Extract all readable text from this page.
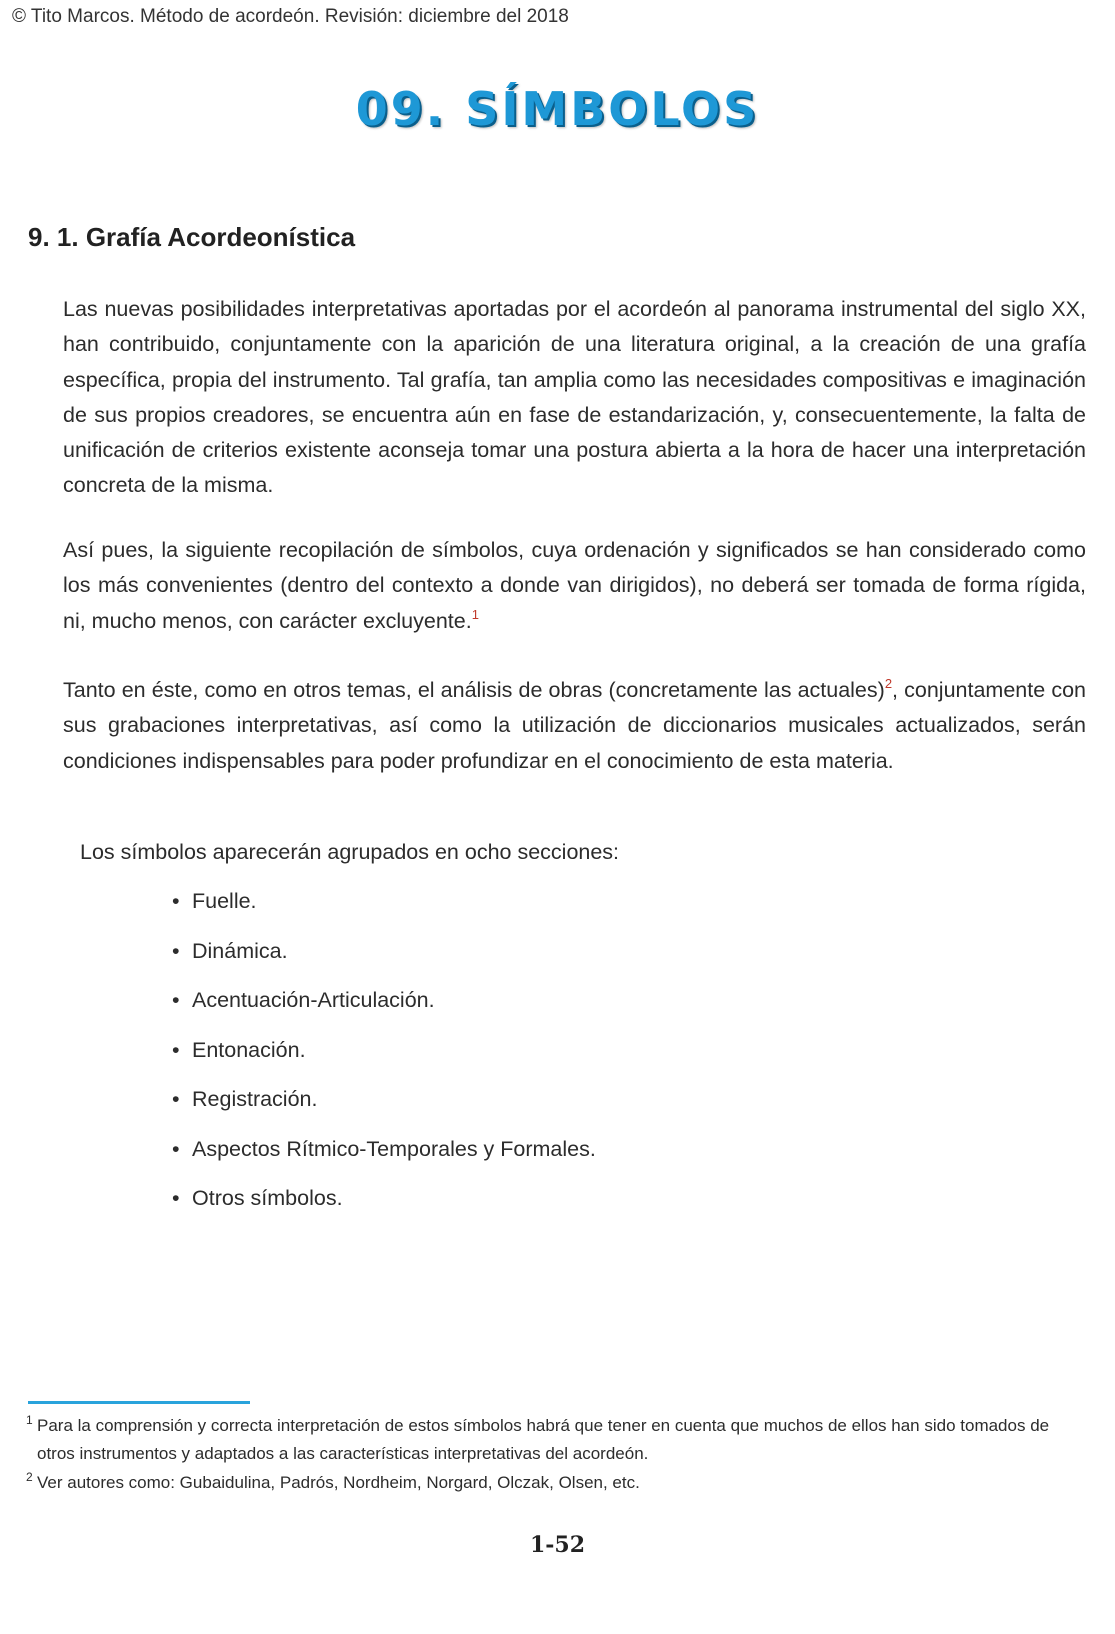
© Tito Marcos. Método de acordeón. Revisión: diciembre del 2018
09. SÍMBOLOS
9. 1. Grafía Acordeonística
Las nuevas posibilidades interpretativas aportadas por el acordeón al panorama instrumental del siglo XX, han contribuido, conjuntamente con la aparición de una literatura original, a la creación de una grafía específica, propia del instrumento. Tal grafía, tan amplia como las necesidades compositivas e imaginación de sus propios creadores, se encuentra aún en fase de estandarización, y, consecuentemente, la falta de unificación de criterios existente aconseja tomar una postura abierta a la hora de hacer una interpretación concreta de la misma.
Así pues, la siguiente recopilación de símbolos, cuya ordenación y significados se han considerado como los más convenientes (dentro del contexto a donde van dirigidos), no deberá ser tomada de forma rígida, ni, mucho menos, con carácter excluyente.$^1$
Tanto en éste, como en otros temas, el análisis de obras (concretamente las actuales)$^2$, conjuntamente con sus grabaciones interpretativas, así como la utilización de diccionarios musicales actualizados, serán condiciones indispensables para poder profundizar en el conocimiento de esta materia.
Los símbolos aparecerán agrupados en ocho secciones:
• Fuelle.
• Dinámica.
• Acentuación-Articulación.
• Entonación.
• Registración.
• Aspectos Rítmico-Temporales y Formales.
• Otros símbolos.
1 Para la comprensión y correcta interpretación de estos símbolos habrá que tener en cuenta que muchos de ellos han sido tomados de otros instrumentos y adaptados a las características interpretativas del acordeón.
2 Ver autores como: Gubaidulina, Padrós, Nordheim, Norgard, Olczak, Olsen, etc.
1-52
